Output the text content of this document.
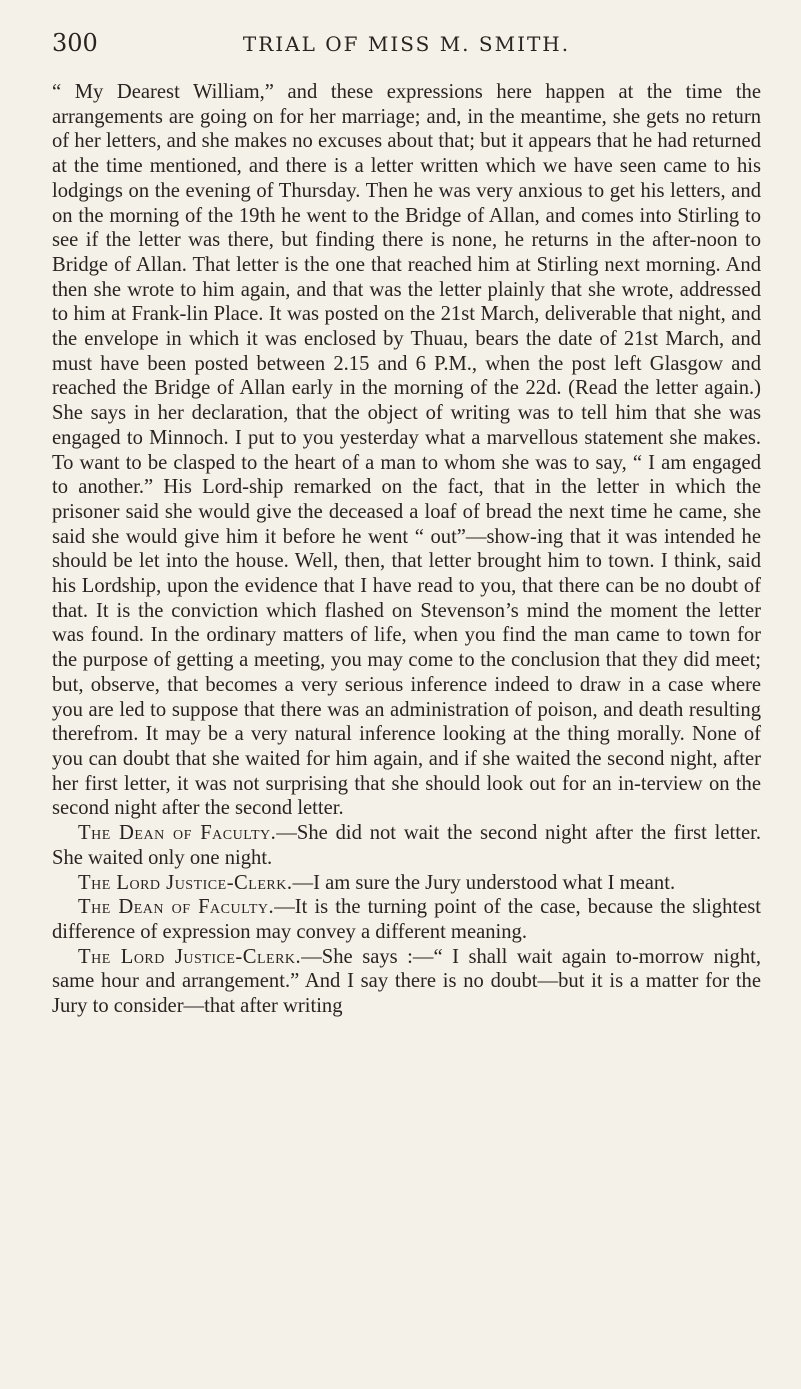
300	TRIAL OF MISS M. SMITH.

“ My Dearest William,” and these expressions here happen at the time the arrangements are going on for her marriage; and, in the meantime, she gets no return of her letters, and she makes no excuses about that; but it appears that he had returned at the time mentioned, and there is a letter written which we have seen came to his lodgings on the evening of Thursday. Then he was very anxious to get his letters, and on the morning of the 19th he went to the Bridge of Allan, and comes into Stirling to see if the letter was there, but finding there is none, he returns in the after-noon to Bridge of Allan. That letter is the one that reached him at Stirling next morning. And then she wrote to him again, and that was the letter plainly that she wrote, addressed to him at Frank-lin Place. It was posted on the 21st March, deliverable that night, and the envelope in which it was enclosed by Thuau, bears the date of 21st March, and must have been posted between 2.15 and 6 P.M., when the post left Glasgow and reached the Bridge of Allan early in the morning of the 22d. (Read the letter again.) She says in her declaration, that the object of writing was to tell him that she was engaged to Minnoch. I put to you yesterday what a marvellous statement she makes. To want to be clasped to the heart of a man to whom she was to say, “ I am engaged to another.” His Lord-ship remarked on the fact, that in the letter in which the prisoner said she would give the deceased a loaf of bread the next time he came, she said she would give him it before he went “ out”—show-ing that it was intended he should be let into the house. Well, then, that letter brought him to town. I think, said his Lordship, upon the evidence that I have read to you, that there can be no doubt of that. It is the conviction which flashed on Stevenson’s mind the moment the letter was found. In the ordinary matters of life, when you find the man came to town for the purpose of getting a meeting, you may come to the conclusion that they did meet; but, observe, that becomes a very serious inference indeed to draw in a case where you are led to suppose that there was an administration of poison, and death resulting therefrom. It may be a very natural inference looking at the thing morally. None of you can doubt that she waited for him again, and if she waited the second night, after her first letter, it was not surprising that she should look out for an in-terview on the second night after the second letter.

The Dean of Faculty.—She did not wait the second night after the first letter. She waited only one night.

The Lord Justice-Clerk.—I am sure the Jury understood what I meant.

The Dean of Faculty.—It is the turning point of the case, because the slightest difference of expression may convey a different meaning.

The Lord Justice-Clerk.—She says :—“ I shall wait again to-morrow night, same hour and arrangement.” And I say there is no doubt—but it is a matter for the Jury to consider—that after writing
